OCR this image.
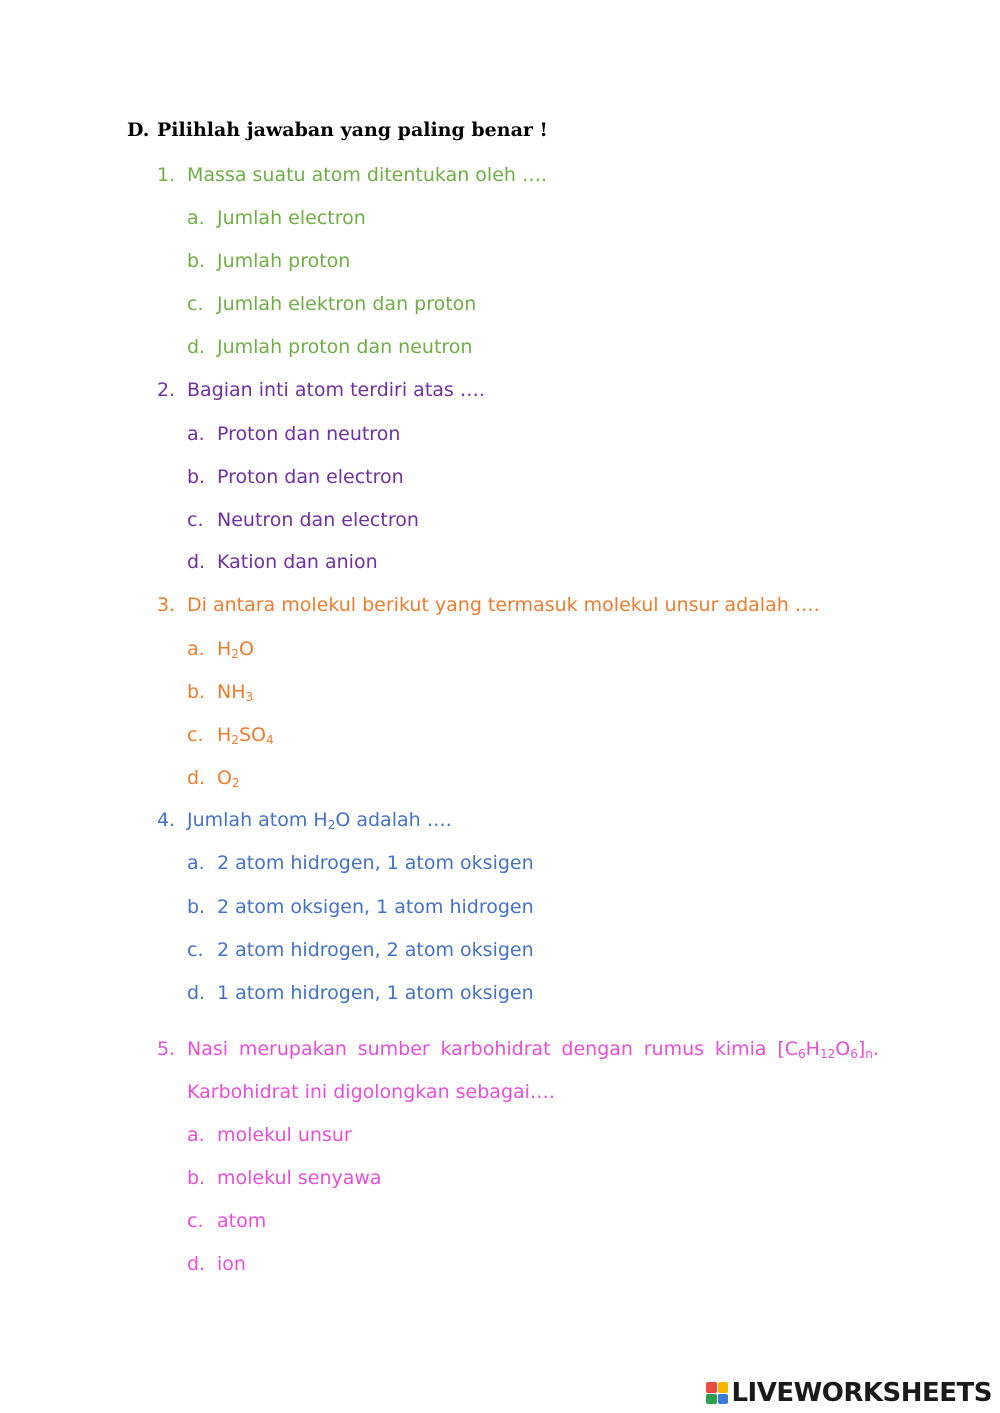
D. Pilihlah jawaban yang paling benar !
1. Massa suatu atom ditentukan oleh ….
a. Jumlah electron
b. Jumlah proton
c. Jumlah elektron dan proton
d. Jumlah proton dan neutron
2. Bagian inti atom terdiri atas ….
a. Proton dan neutron
b. Proton dan electron
c. Neutron dan electron
d. Kation dan anion
3. Di antara molekul berikut yang termasuk molekul unsur adalah ….
a. $H_2O$
b. $NH_3$
c. $H_2SO_4$
d. $O_2$
4. Jumlah atom $H_2O$ adalah ….
a. 2 atom hidrogen, 1 atom oksigen
b. 2 atom oksigen, 1 atom hidrogen
c. 2 atom hidrogen, 2 atom oksigen
d. 1 atom hidrogen, 1 atom oksigen
5. Nasi merupakan sumber karbohidrat dengan rumus kimia $[C_6H_{12}O_6]_n$.
Karbohidrat ini digolongkan sebagai….
a. molekul unsur
b. molekul senyawa
c. atom
d. ion
LIVEWORKSHEETS
